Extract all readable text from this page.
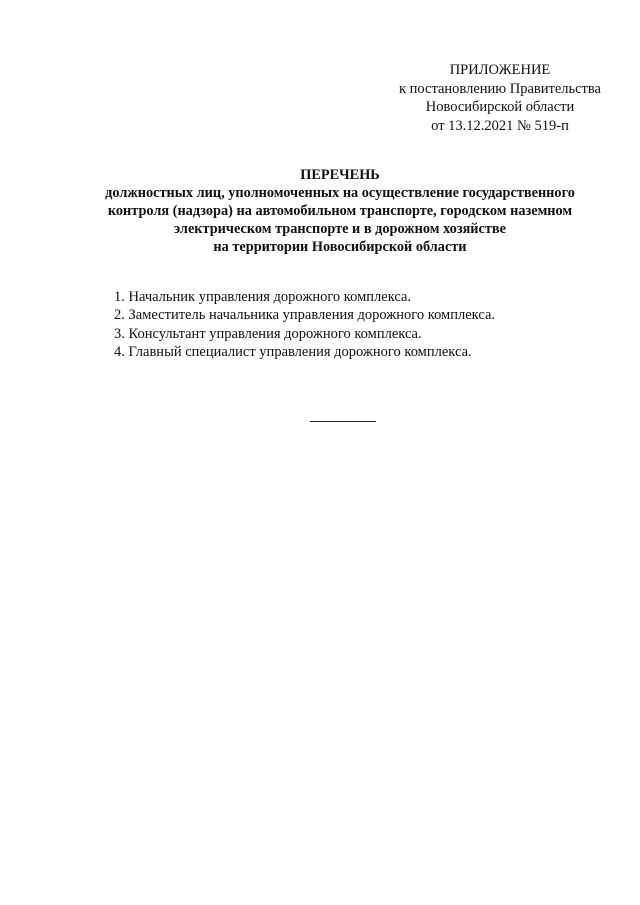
ПРИЛОЖЕНИЕ
к постановлению Правительства
Новосибирской области
от 13.12.2021 № 519-п
ПЕРЕЧЕНЬ
должностных лиц, уполномоченных на осуществление государственного
контроля (надзора) на автомобильном транспорте, городском наземном
электрическом транспорте и в дорожном хозяйстве
на территории Новосибирской области
1. Начальник управления дорожного комплекса.
2. Заместитель начальника управления дорожного комплекса.
3. Консультант управления дорожного комплекса.
4. Главный специалист управления дорожного комплекса.
